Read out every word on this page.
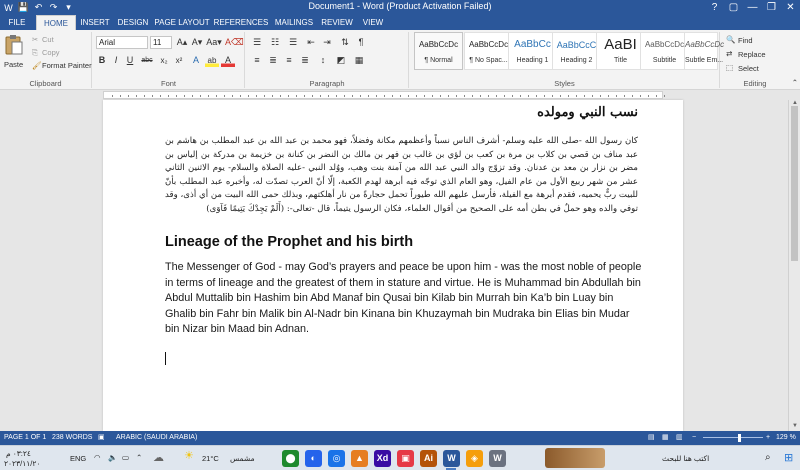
W 💾 ↶ ↷ ▾	Document1 - Word (Product Activation Failed)	?	▢ — ❐	✕
FILE	HOME	INSERT	DESIGN PAGE LAYOUT REFERENCES MAILINGS	REVIEW	VIEW
Paste
✂ Cut
⎘ Copy
🖌 Format Painter
Clipboard
Arial	11	A▴ A▾ Aa▾ A⌫
B	I	U	abc x₂	x²	A	ab A
Font
☰	☷	☰	⇤ ⇥	⇅	¶
≡	≣	≡	≣	↕	◩	▦
Paragraph
AaBbCcDc
¶ Normal
AaBbCcDc
¶ No Spac...
AaBbCc
Heading 1
AaBbCcC
Heading 2
AaBI
Title
AaBbCcDc
Subtitle
AaBbCcDc
Subtle Em...
Styles
🔍 Find
⇄ Replace
⬚ Select
Editing	⌃
نسب النبي ومولده
كان رسول الله -صلى الله عليه وسلم- أشرف الناس نسباً وأعظمهم مكانة وفضلاً، فهو محمد بن عبد الله بن عبد المطلب بن هاشم بن عبد مناف بن قصي بن كلاب بن مرة بن كعب بن لؤي بن غالب بن فهر بن مالك بن النضر بن كنانة بن خزيمة بن مدركة بن إلياس بن مضر بن نزار بن معد بن عدنان. وقد تزوّج والد النبي عبد الله من آمنة بنت وهب، ووُلد النبي -عليه الصلاة والسلام- يوم الاثنين الثاني عشر من شهر ربيع الأول من عام الفيل، وهو العام الذي توجّه فيه أبرهة لهدم الكعبة، إلّا أنّ العرب تصدّت له، وأخبره عبد المطلب بأنّ للبيت ربٌّ يحميه، فقدم أبرهة مع الفيلة، فأرسل عليهم الله طيوراً تحمل حجارةً من نار أهلكتهم، وبذلك حمى الله البيت من أي أذى، وقد توفي والده وهو حملٌ في بطن أمه على الصحيح من أقوال العلماء، فكان الرسول يتيماً، قال -تعالى-: (أَلَمْ يَجِدْكَ يَتِيمًا فَآوَى)
Lineage of the Prophet and his birth
The Messenger of God - may God’s prayers and peace be upon him - was the most noble of people in terms of lineage and the greatest of them in stature and virtue. He is Muhammad bin Abdullah bin Abdul Muttalib bin Hashim bin Abd Manaf bin Qusai bin Kilab bin Murrah bin Ka’b bin Luay bin Ghalib bin Fahr bin Malik bin Al-Nadr bin Kinana bin Khuzaymah bin Mudraka bin Elias bin Mudar bin Nizar bin Maad bin Adnan.
▲
▼
PAGE 1 OF 1 238 WORDS ▣ ARABIC (SAUDI ARABIA)	▤ ▦ ▥ −	+ 129 %
٠٣:٢٤ م
٢٠٢٣/١١/٢٠
ENG ◠ 🔈 ▭ ⌃ ☁ ☀ 21°C مشمس	⬤	◐	◎	▲	Xd	▣	Ai	W	◈	W	اكتب هنا للبحث	⌕ ⊞
